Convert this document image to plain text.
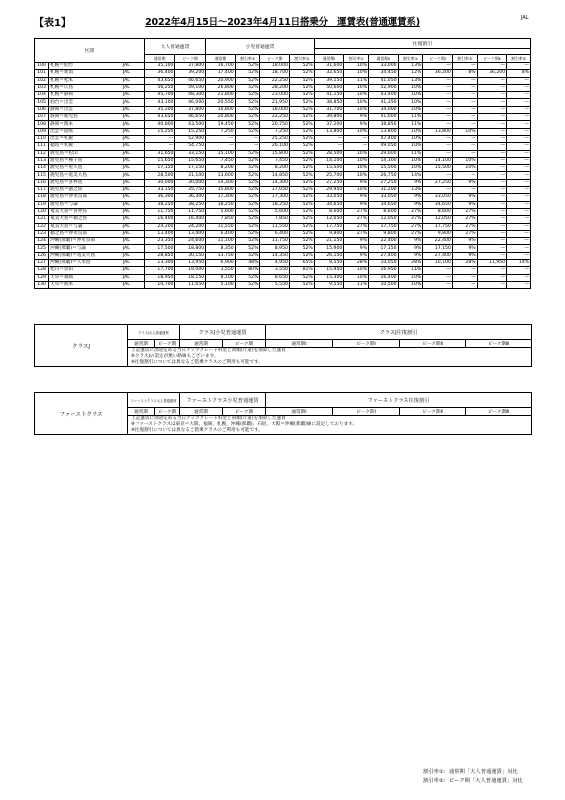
【表1】	2022年4月15日～2023年4月11日搭乗分　運賃表(普通運賃系)	JAL
区間			大人普通運賃		小児普通運賃				往復割引							

			通常期	ピーク期	通常期	割引率①	ピーク期	割引率②	通常期Ⅰ	割引率①	通常期Ⅱ	割引率①	ピーク期Ⅰ	割引率②	ピーク期Ⅱ	割引率②
100	札幌＝仙台	JAL	35,100	37,800	16,700	52%	18,000	52%	31,600	10%	33,000	13%	—	—	—	—
101	札幌＝新潟	JAL	36,400	39,200	17,400	52%	18,700	52%	32,650	10%	34,450	12%	36,200	8%	36,200	8%
102	札幌＝松本	JAL	43,650	46,650	20,900	52%	22,250	52%	39,150	11%	41,050	13%	—	—	—	—
103	札幌＝広島	JAL	56,250	59,100	26,800	52%	28,200	52%	50,600	10%	52,900	10%	—	—	—	—
104	札幌＝静岡	JAL	45,700	48,300	21,800	52%	23,000	52%	41,150	10%	43,400	10%	—	—	—	—
105	仙台＝出雲	JAL	43,100	46,000	20,550	52%	21,950	52%	38,850	10%	41,350	10%	—	—	—	—
106	静岡＝出雲	JAL	35,200	37,800	16,800	52%	18,000	52%	31,700	10%	34,000	10%	—	—	—	—
107	静岡＝鹿児島	JAL	43,650	46,650	20,800	52%	22,250	52%	39,800	9%	41,600	11%	—	—	—	—
108	静岡＝熊本	JAL	40,800	43,500	19,450	52%	20,750	52%	37,200	9%	38,850	11%	—	—	—	—
109	出雲＝隠岐	JAL	15,250	15,250	7,250	52%	7,250	52%	13,800	10%	13,800	10%	13,800	10%	—	—
110	出雲＝札幌	JAL	—	52,900	—	—	25,250	52%	—	—	47,400	10%	—	—	—	—
111	徳島＝札幌	JAL	—	54,750	—	—	26,100	52%	—	—	49,050	10%	—	—	—	—
112	鹿児島＝松山	JAL	31,650	33,150	15,100	52%	15,800	52%	28,500	10%	29,600	11%	—	—	—	—
113	鹿児島＝種子島	JAL	15,650	15,650	7,450	52%	7,450	52%	14,100	10%	14,100	10%	14,100	10%	—	—
114	鹿児島＝屋久島	JAL	17,150	17,150	8,200	52%	8,200	52%	15,500	10%	15,500	10%	15,500	10%	—	—
115	鹿児島＝奄美大島	JAL	28,500	31,100	13,600	52%	14,850	52%	25,700	10%	26,750	14%	—	—	—	—
116	鹿児島＝喜界島	JAL	30,000	30,000	14,300	52%	14,300	52%	27,250	9%	27,250	9%	27,250	9%	—	—
117	鹿児島＝徳之島	JAL	33,150	35,750	15,800	52%	17,050	52%	29,950	10%	31,200	13%	—	—	—	—
118	鹿児島＝沖永良部	JAL	36,300	36,300	17,300	52%	17,300	52%	33,050	9%	33,050	9%	33,050	9%	—	—
119	鹿児島＝与論	JAL	38,250	38,250	18,250	52%	18,250	52%	34,650	9%	34,650	9%	34,650	9%	—	—
120	奄美大島＝喜界島	JAL	11,750	11,750	5,600	52%	5,600	52%	8,600	27%	8,600	27%	8,600	27%	—	—
121	奄美大島＝徳之島	JAL	16,400	16,400	7,850	52%	7,850	52%	12,050	27%	12,050	27%	12,050	27%	—	—
122	奄美大島＝与論	JAL	24,200	24,200	11,550	52%	11,550	52%	17,750	27%	17,750	27%	17,750	27%	—	—
123	徳之島＝沖永良部	JAL	13,400	13,400	6,400	52%	6,400	52%	9,800	27%	9,800	27%	9,800	27%	—	—
124	沖縄(那覇)＝沖永良部	JAL	23,350	24,600	11,100	52%	11,750	52%	21,150	9%	22,400	9%	22,400	9%	—	—
125	沖縄(那覇)＝与論	JAL	17,500	18,800	8,350	52%	8,950	52%	15,900	9%	17,150	9%	17,150	9%	—	—
126	沖縄(那覇)＝奄美大島	JAL	28,850	30,150	13,750	52%	14,350	52%	26,150	9%	27,400	9%	27,400	9%	—	—
127	沖縄(那覇)＝久米島	JAL	13,300	13,950	6,900	48%	4,950	65%	9,550	28%	10,050	28%	10,100	28%	11,950	14%
128	旭川＝羽田	JAL	17,700	19,000	3,550	80%	3,550	81%	15,950	10%	16,950	11%	—	—	—	—
129	天草＝福岡	JAL	18,950	18,150	8,100	52%	8,650	52%	15,300	10%	16,400	10%	—	—	—	—
130	天草＝熊本	JAL	10,700	11,650	5,100	52%	5,550	52%	9,550	11%	10,500	10%	—	—	—	—
クラスJ	クラスJ大人普通運賃		クラスJ小児普通運賃		クラスJ往復割引			
	通常期	ピーク期	通常期	ピーク期	通常期Ⅰ	ピーク期Ⅰ	ピーク期Ⅱ	ピーク期Ⅲ

	上記運賃に別途定める当日アップグレード料金と同額(片道)を加算した運賃
※クラスJの設定が無い路線もございます。
※往復割引については異なるご搭乗クラスのご利用も可能です。							
ファーストクラス	ファーストクラス大人普通運賃		ファーストクラス小児普通運賃		ファーストクラス往復割引			
	通常期	ピーク期	通常期	ピーク期	通常期Ⅰ	ピーク期Ⅰ	ピーク期Ⅱ	ピーク期Ⅲ

	上記運賃に別途定める当日アップグレード料金と同額(片道)を加算した運賃
※ファーストクラスは東京＝大阪、福岡、札幌、沖縄(那覇)、石垣、大阪＝沖縄(那覇)線に設定しております。
※往復割引については異なるご搭乗クラスのご利用も可能です。							
割引率①：通常期「大人普通運賃」対比
割引率②：ピーク期「大人普通運賃」対比
